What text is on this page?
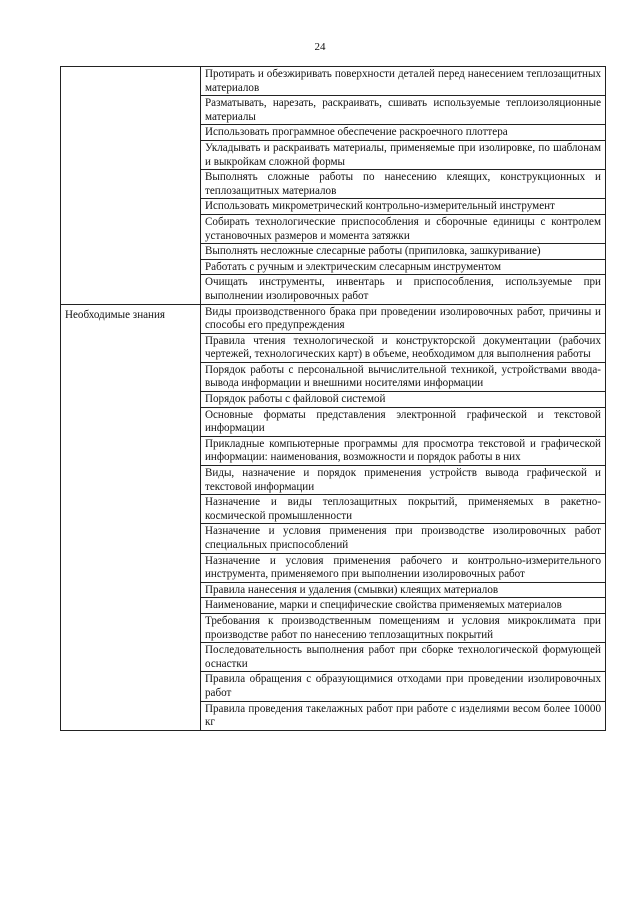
24
	Протирать и обезжиривать поверхности деталей перед нанесением теплозащитных материалов
	Разматывать, нарезать, раскраивать, сшивать используемые теплоизоляционные материалы
	Использовать программное обеспечение раскроечного плоттера
	Укладывать и раскраивать материалы, применяемые при изолировке, по шаблонам и выкройкам сложной формы
	Выполнять сложные работы по нанесению клеящих, конструкционных и теплозащитных материалов
	Использовать микрометрический контрольно-измерительный инструмент
	Собирать технологические приспособления и сборочные единицы с контролем установочных размеров и момента затяжки
	Выполнять несложные слесарные работы (припиловка, зашкуривание)
	Работать с ручным и электрическим слесарным инструментом
	Очищать инструменты, инвентарь и приспособления, используемые при выполнении изолировочных работ
Необходимые знания	Виды производственного брака при проведении изолировочных работ, причины и способы его предупреждения
	Правила чтения технологической и конструкторской документации (рабочих чертежей, технологических карт) в объеме, необходимом для выполнения работы
	Порядок работы с персональной вычислительной техникой, устройствами ввода-вывода информации и внешними носителями информации
	Порядок работы с файловой системой
	Основные форматы представления электронной графической и текстовой информации
	Прикладные компьютерные программы для просмотра текстовой и графической информации: наименования, возможности и порядок работы в них
	Виды, назначение и порядок применения устройств вывода графической и текстовой информации
	Назначение и виды теплозащитных покрытий, применяемых в ракетно-космической промышленности
	Назначение и условия применения при производстве изолировочных работ специальных приспособлений
	Назначение и условия применения рабочего и контрольно-измерительного инструмента, применяемого при выполнении изолировочных работ
	Правила нанесения и удаления (смывки) клеящих материалов
	Наименование, марки и специфические свойства применяемых материалов
	Требования к производственным помещениям и условия микроклимата при производстве работ по нанесению теплозащитных покрытий
	Последовательность выполнения работ при сборке технологической формующей оснастки
	Правила обращения с образующимися отходами при проведении изолировочных работ
	Правила проведения такелажных работ при работе с изделиями весом более 10000 кг
